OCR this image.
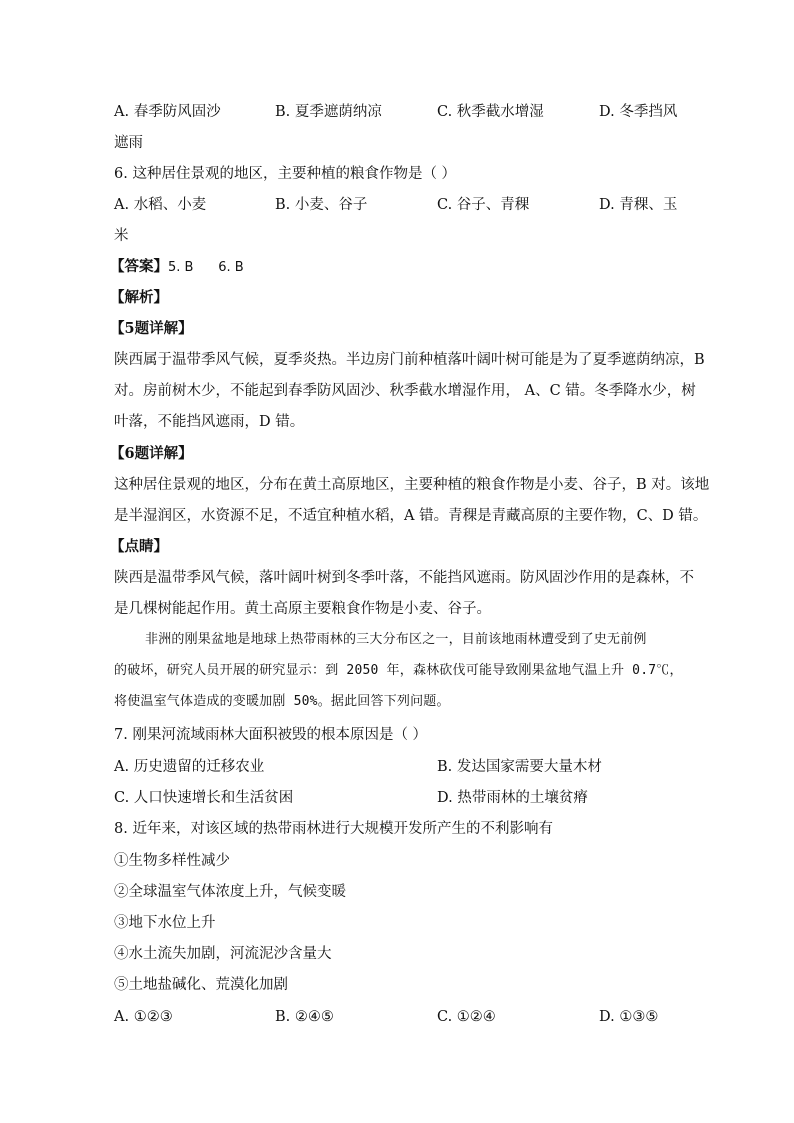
A. 春季防风固沙	B. 夏季遮荫纳凉	C. 秋季截水增湿	D. 冬季挡风
遮雨
6. 这种居住景观的地区，主要种植的粮食作物是（ ）
A. 水稻、小麦	B. 小麦、谷子	C. 谷子、青稞	D. 青稞、玉
米
【答案】5. B      6. B
【解析】
【5题详解】
陕西属于温带季风气候，夏季炎热。半边房门前种植落叶阔叶树可能是为了夏季遮荫纳凉，B
对。房前树木少，不能起到春季防风固沙、秋季截水增湿作用， A、C 错。冬季降水少，树
叶落，不能挡风遮雨，D 错。
【6题详解】
这种居住景观的地区，分布在黄土高原地区，主要种植的粮食作物是小麦、谷子，B 对。该地
是半湿润区，水资源不足，不适宜种植水稻，A 错。青稞是青藏高原的主要作物，C、D 错。
【点睛】
陕西是温带季风气候，落叶阔叶树到冬季叶落，不能挡风遮雨。防风固沙作用的是森林，不
是几棵树能起作用。黄土高原主要粮食作物是小麦、谷子。
非洲的刚果盆地是地球上热带雨林的三大分布区之一，目前该地雨林遭受到了史无前例
的破坏，研究人员开展的研究显示：到 2050 年，森林砍伐可能导致刚果盆地气温上升 0.7℃，
将使温室气体造成的变暖加剧 50%。据此回答下列问题。
7. 刚果河流域雨林大面积被毁的根本原因是（ ）
A. 历史遗留的迁移农业	B. 发达国家需要大量木材
C. 人口快速增长和生活贫困	D. 热带雨林的土壤贫瘠
8. 近年来，对该区域的热带雨林进行大规模开发所产生的不利影响有
①生物多样性减少
②全球温室气体浓度上升，气候变暖
③地下水位上升
④水土流失加剧，河流泥沙含量大
⑤土地盐碱化、荒漠化加剧
A. ①②③	B. ②④⑤	C. ①②④	D. ①③⑤
